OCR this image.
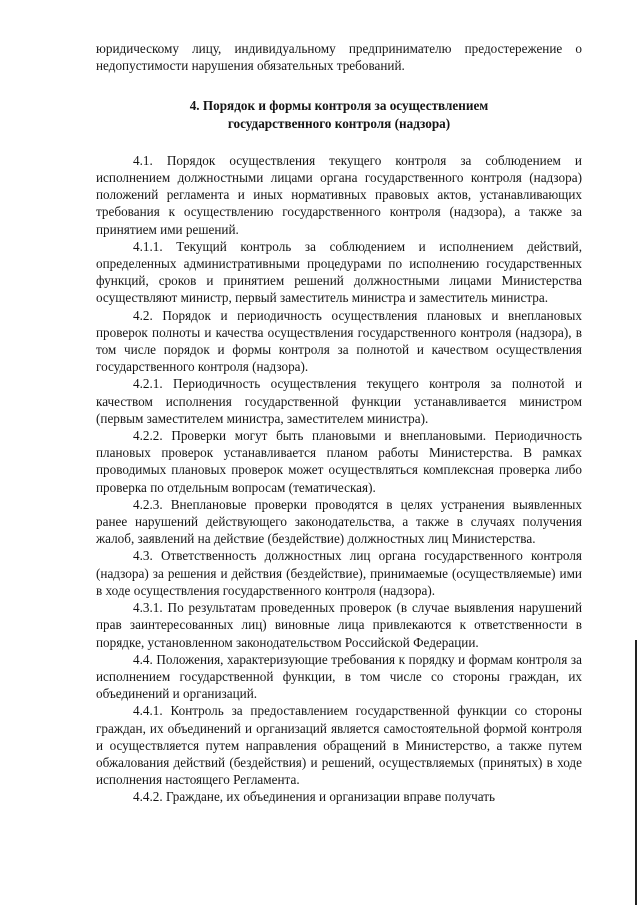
юридическому лицу, индивидуальному предпринимателю предостережение о недопустимости нарушения обязательных требований.

4. Порядок и формы контроля за осуществлением
государственного контроля (надзора)

4.1. Порядок осуществления текущего контроля за соблюдением и исполнением должностными лицами органа государственного контроля (надзора) положений регламента и иных нормативных правовых актов, устанавливающих требования к осуществлению государственного контроля (надзора), а также за принятием ими решений.

4.1.1. Текущий контроль за соблюдением и исполнением действий, определенных административными процедурами по исполнению государственных функций, сроков и принятием решений должностными лицами Министерства осуществляют министр, первый заместитель министра и заместитель министра.

4.2. Порядок и периодичность осуществления плановых и внеплановых проверок полноты и качества осуществления государственного контроля (надзора), в том числе порядок и формы контроля за полнотой и качеством осуществления государственного контроля (надзора).

4.2.1. Периодичность осуществления текущего контроля за полнотой и качеством исполнения государственной функции устанавливается министром (первым заместителем министра, заместителем министра).

4.2.2. Проверки могут быть плановыми и внеплановыми. Периодичность плановых проверок устанавливается планом работы Министерства. В рамках проводимых плановых проверок может осуществляться комплексная проверка либо проверка по отдельным вопросам (тематическая).

4.2.3. Внеплановые проверки проводятся в целях устранения выявленных ранее нарушений действующего законодательства, а также в случаях получения жалоб, заявлений на действие (бездействие) должностных лиц Министерства.

4.3. Ответственность должностных лиц органа государственного контроля (надзора) за решения и действия (бездействие), принимаемые (осуществляемые) ими в ходе осуществления государственного контроля (надзора).

4.3.1. По результатам проведенных проверок (в случае выявления нарушений прав заинтересованных лиц) виновные лица привлекаются к ответственности в порядке, установленном законодательством Российской Федерации.

4.4. Положения, характеризующие требования к порядку и формам контроля за исполнением государственной функции, в том числе со стороны граждан, их объединений и организаций.

4.4.1. Контроль за предоставлением государственной функции со стороны граждан, их объединений и организаций является самостоятельной формой контроля и осуществляется путем направления обращений в Министерство, а также путем обжалования действий (бездействия) и решений, осуществляемых (принятых) в ходе исполнения настоящего Регламента.

4.4.2. Граждане, их объединения и организации вправе получать
